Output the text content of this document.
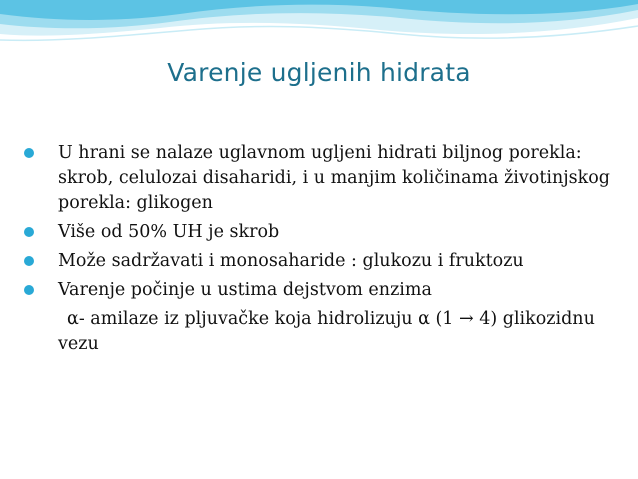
Varenje ugljenih hidrata
U hrani se nalaze uglavnom ugljeni hidrati biljnog porekla: skrob, celulozai disaharidi, i u manjim količinama životinjskog porekla: glikogen
Više od 50% UH je skrob
Može sadržavati i monosaharide : glukozu i fruktozu
Varenje počinje u ustima dejstvom enzima
α- amilaze iz pljuvačke koja hidrolizuju α (1 → 4) glikozidnu vezu
